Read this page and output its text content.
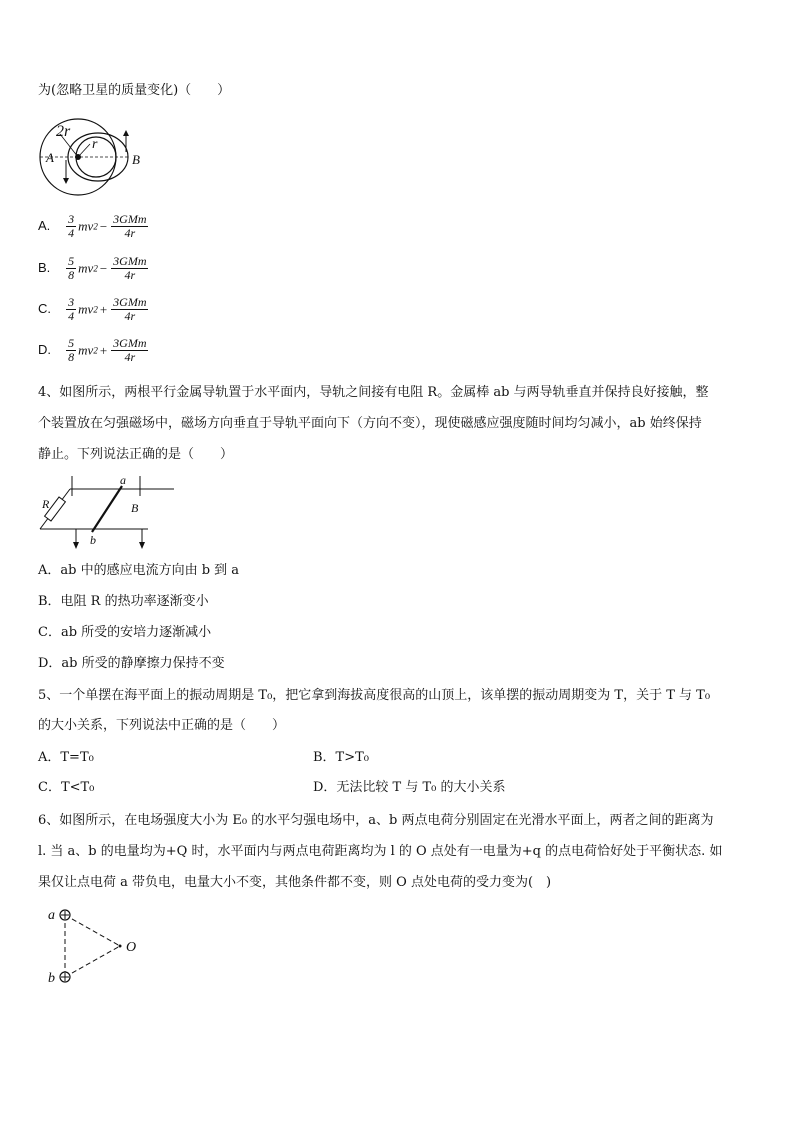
为(忽略卫星的质量变化)（　　）
2r
r
A	B
A. $\frac{3}{4} mv2 - \frac{\text{3GMm}}{4r}$
B. $\frac{5}{8} mv2 - \frac{\text{3GMm}}{4r}$
C. $\frac{3}{4} mv2 + \frac{\text{3GMm}}{4r}$
D. $\frac{5}{8} mv2 + \frac{\text{3GMm}}{4r}$
4、如图所示，两根平行金属导轨置于水平面内，导轨之间接有电阻 R。金属棒 ab 与两导轨垂直并保持良好接触，整
个装置放在匀强磁场中，磁场方向垂直于导轨平面向下（方向不变），现使磁感应强度随时间均匀减小，ab 始终保持
静止。下列说法正确的是（　　）
R
a
B
b
A．ab 中的感应电流方向由 b 到 a
B．电阻 R 的热功率逐渐变小
C．ab 所受的安培力逐渐减小
D．ab 所受的静摩擦力保持不变
5、一个单摆在海平面上的振动周期是 T₀，把它拿到海拔高度很高的山顶上，该单摆的振动周期变为 T，关于 T 与 T₀
的大小关系，下列说法中正确的是（　　）
A．T=T₀	B．T>T₀
C．T<T₀	D．无法比较 T 与 T₀ 的大小关系
6、如图所示，在电场强度大小为 E₀ 的水平匀强电场中，a、b 两点电荷分别固定在光滑水平面上，两者之间的距离为
l. 当 a、b 的电量均为+Q 时，水平面内与两点电荷距离均为 l 的 O 点处有一电量为+q 的点电荷恰好处于平衡状态. 如
果仅让点电荷 a 带负电，电量大小不变，其他条件都不变，则 O 点处电荷的受力变为(　)
a
b
O
